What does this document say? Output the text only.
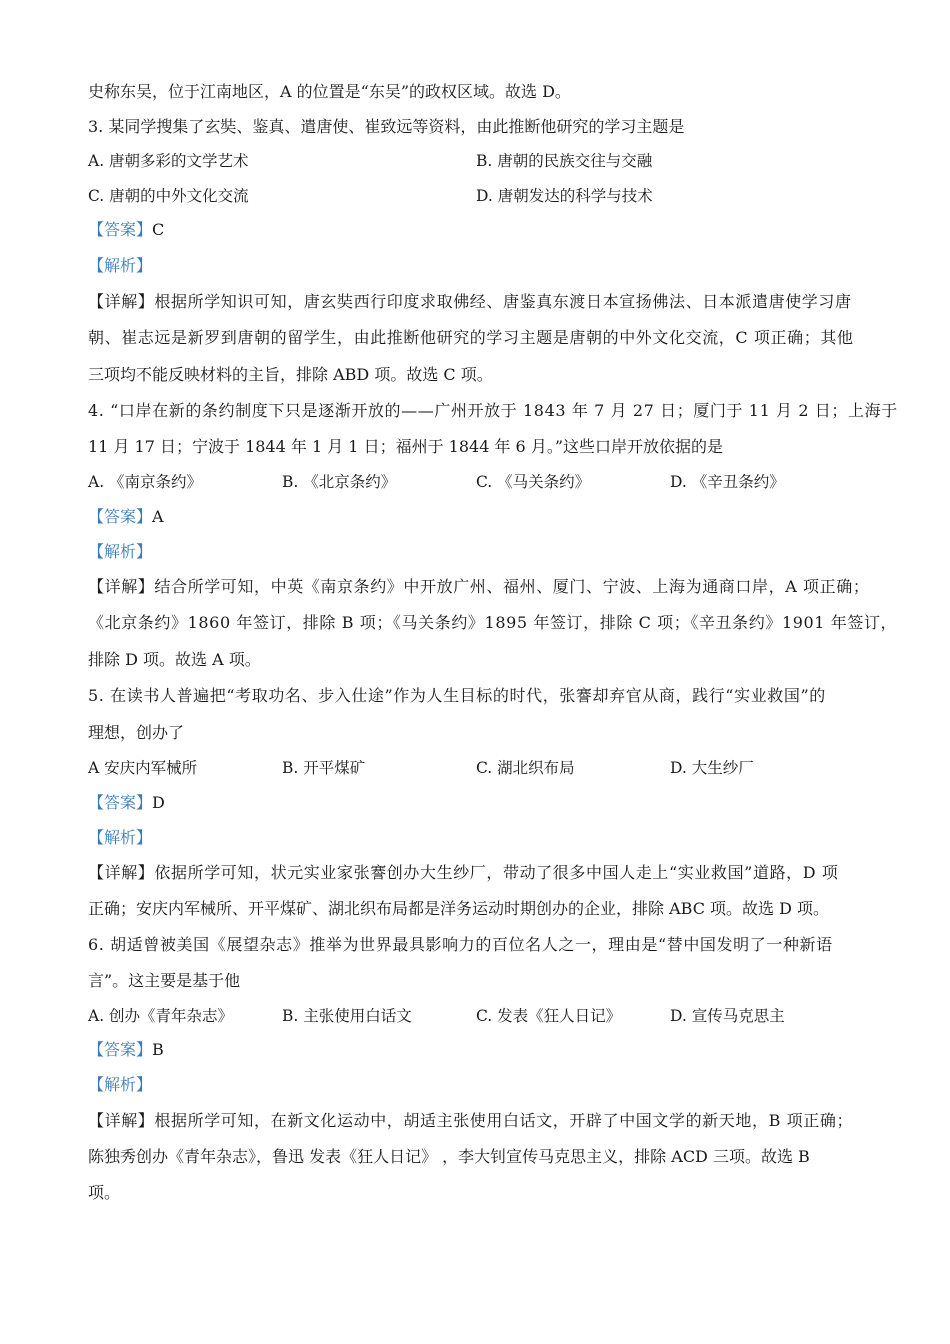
史称东吴，位于江南地区，A 的位置是“东吴”的政权区域。故选 D。
3. 某同学搜集了玄奘、鉴真、遣唐使、崔致远等资料，由此推断他研究的学习主题是
A. 唐朝多彩的文学艺术	B. 唐朝的民族交往与交融
C. 唐朝的中外文化交流	D. 唐朝发达的科学与技术
【答案】C
【解析】
【详解】根据所学知识可知，唐玄奘西行印度求取佛经、唐鉴真东渡日本宣扬佛法、日本派遣唐使学习唐
朝、崔志远是新罗到唐朝的留学生，由此推断他研究的学习主题是唐朝的中外文化交流，C 项正确；其他
三项均不能反映材料的主旨，排除 ABD 项。故选 C 项。
4. “口岸在新的条约制度下只是逐渐开放的——广州开放于 1843 年 7 月 27 日；厦门于 11 月 2 日；上海于
11 月 17 日；宁波于 1844 年 1 月 1 日；福州于 1844 年 6 月。”这些口岸开放依据的是
A. 《南京条约》	B. 《北京条约》	C. 《马关条约》	D. 《辛丑条约》
【答案】A
【解析】
【详解】结合所学可知，中英《南京条约》中开放广州、福州、厦门、宁波、上海为通商口岸，A 项正确；
《北京条约》1860 年签订，排除 B 项；《马关条约》1895 年签订，排除 C 项；《辛丑条约》1901 年签订，
排除 D 项。故选 A 项。
5. 在读书人普遍把“考取功名、步入仕途”作为人生目标的时代，张謇却弃官从商，践行“实业救国”的
理想，创办了
A 安庆内军械所	B. 开平煤矿	C. 湖北织布局	D. 大生纱厂
【答案】D
【解析】
【详解】依据所学可知，状元实业家张謇创办大生纱厂，带动了很多中国人走上“实业救国”道路，D 项
正确；安庆内军械所、开平煤矿、湖北织布局都是洋务运动时期创办的企业，排除 ABC 项。故选 D 项。
6. 胡适曾被美国《展望杂志》推举为世界最具影响力的百位名人之一，理由是“替中国发明了一种新语
言”。这主要是基于他
A. 创办《青年杂志》	B. 主张使用白话文	C. 发表《狂人日记》	D. 宣传马克思主
【答案】B
【解析】
【详解】根据所学可知，在新文化运动中，胡适主张使用白话文，开辟了中国文学的新天地，B 项正确；
陈独秀创办《青年杂志》，鲁迅 发表《狂人日记》 ，李大钊宣传马克思主义，排除 ACD 三项。故选 B
项。
